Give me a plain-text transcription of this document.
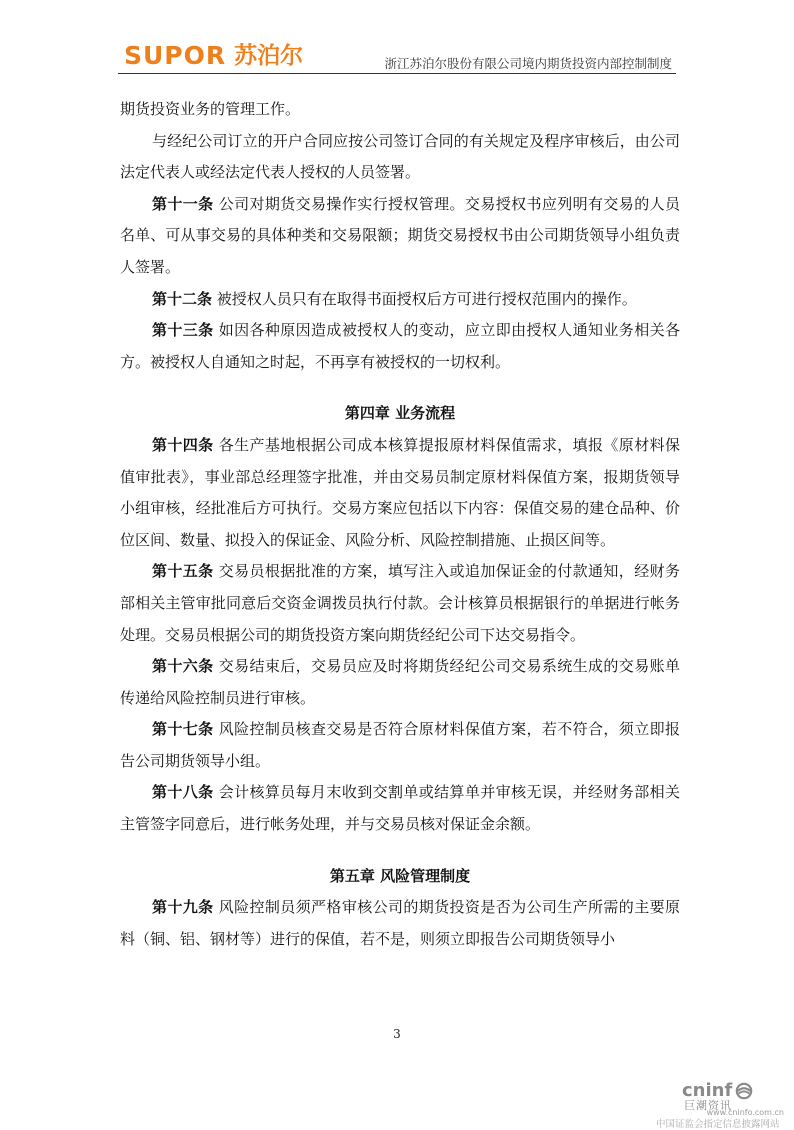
SUPOR 苏泊尔	浙江苏泊尔股份有限公司境内期货投资内部控制制度

期货投资业务的管理工作。

与经纪公司订立的开户合同应按公司签订合同的有关规定及程序审核后，由公司法定代表人或经法定代表人授权的人员签署。

第十一条 公司对期货交易操作实行授权管理。交易授权书应列明有交易的人员名单、可从事交易的具体种类和交易限额；期货交易授权书由公司期货领导小组负责人签署。

第十二条 被授权人员只有在取得书面授权后方可进行授权范围内的操作。

第十三条 如因各种原因造成被授权人的变动，应立即由授权人通知业务相关各方。被授权人自通知之时起，不再享有被授权的一切权利。

第四章 业务流程

第十四条 各生产基地根据公司成本核算提报原材料保值需求，填报《原材料保值审批表》，事业部总经理签字批准，并由交易员制定原材料保值方案，报期货领导小组审核，经批准后方可执行。交易方案应包括以下内容：保值交易的建仓品种、价位区间、数量、拟投入的保证金、风险分析、风险控制措施、止损区间等。

第十五条 交易员根据批准的方案，填写注入或追加保证金的付款通知，经财务部相关主管审批同意后交资金调拨员执行付款。会计核算员根据银行的单据进行帐务处理。交易员根据公司的期货投资方案向期货经纪公司下达交易指令。

第十六条 交易结束后，交易员应及时将期货经纪公司交易系统生成的交易账单传递给风险控制员进行审核。

第十七条 风险控制员核查交易是否符合原材料保值方案，若不符合，须立即报告公司期货领导小组。

第十八条 会计核算员每月末收到交割单或结算单并审核无误，并经财务部相关主管签字同意后，进行帐务处理，并与交易员核对保证金余额。

第五章 风险管理制度

第十九条 风险控制员须严格审核公司的期货投资是否为公司生产所需的主要原料（铜、铝、钢材等）进行的保值，若不是，则须立即报告公司期货领导小

3
cninf
巨潮资讯
www.cninfo.com.cn
中国证监会指定信息披露网站
